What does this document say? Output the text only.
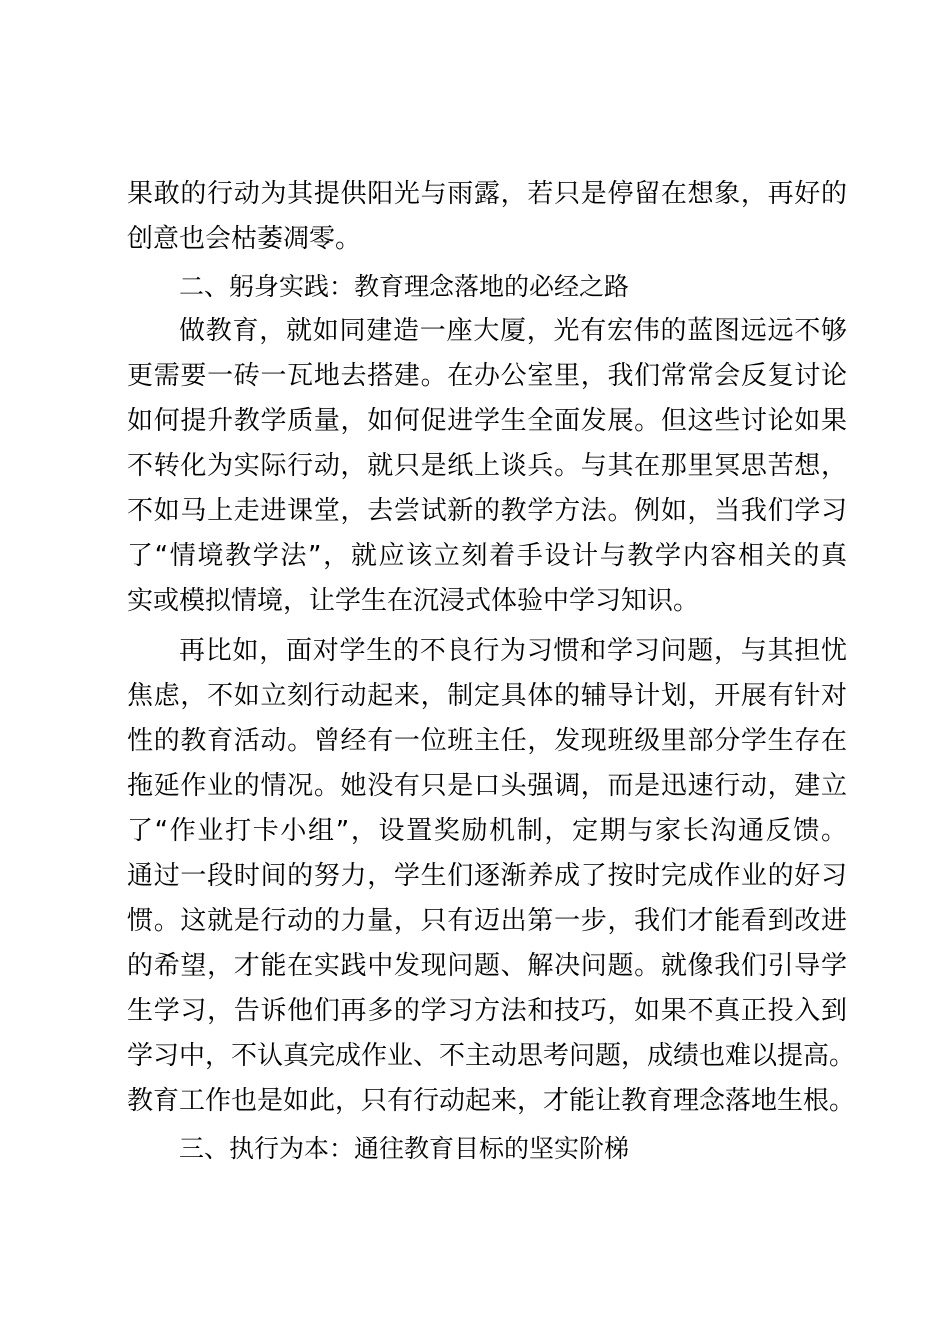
果敢的行动为其提供阳光与雨露，若只是停留在想象，再好的
创意也会枯萎凋零。
二、躬身实践：教育理念落地的必经之路
做教育，就如同建造一座大厦，光有宏伟的蓝图远远不够
更需要一砖一瓦地去搭建。在办公室里，我们常常会反复讨论
如何提升教学质量，如何促进学生全面发展。但这些讨论如果
不转化为实际行动，就只是纸上谈兵。与其在那里冥思苦想，
不如马上走进课堂，去尝试新的教学方法。例如，当我们学习
了“情境教学法”，就应该立刻着手设计与教学内容相关的真
实或模拟情境，让学生在沉浸式体验中学习知识。
再比如，面对学生的不良行为习惯和学习问题，与其担忧
焦虑，不如立刻行动起来，制定具体的辅导计划，开展有针对
性的教育活动。曾经有一位班主任，发现班级里部分学生存在
拖延作业的情况。她没有只是口头强调，而是迅速行动，建立
了“作业打卡小组”，设置奖励机制，定期与家长沟通反馈。
通过一段时间的努力，学生们逐渐养成了按时完成作业的好习
惯。这就是行动的力量，只有迈出第一步，我们才能看到改进
的希望，才能在实践中发现问题、解决问题。就像我们引导学
生学习，告诉他们再多的学习方法和技巧，如果不真正投入到
学习中，不认真完成作业、不主动思考问题，成绩也难以提高。
教育工作也是如此，只有行动起来，才能让教育理念落地生根。
三、执行为本：通往教育目标的坚实阶梯
